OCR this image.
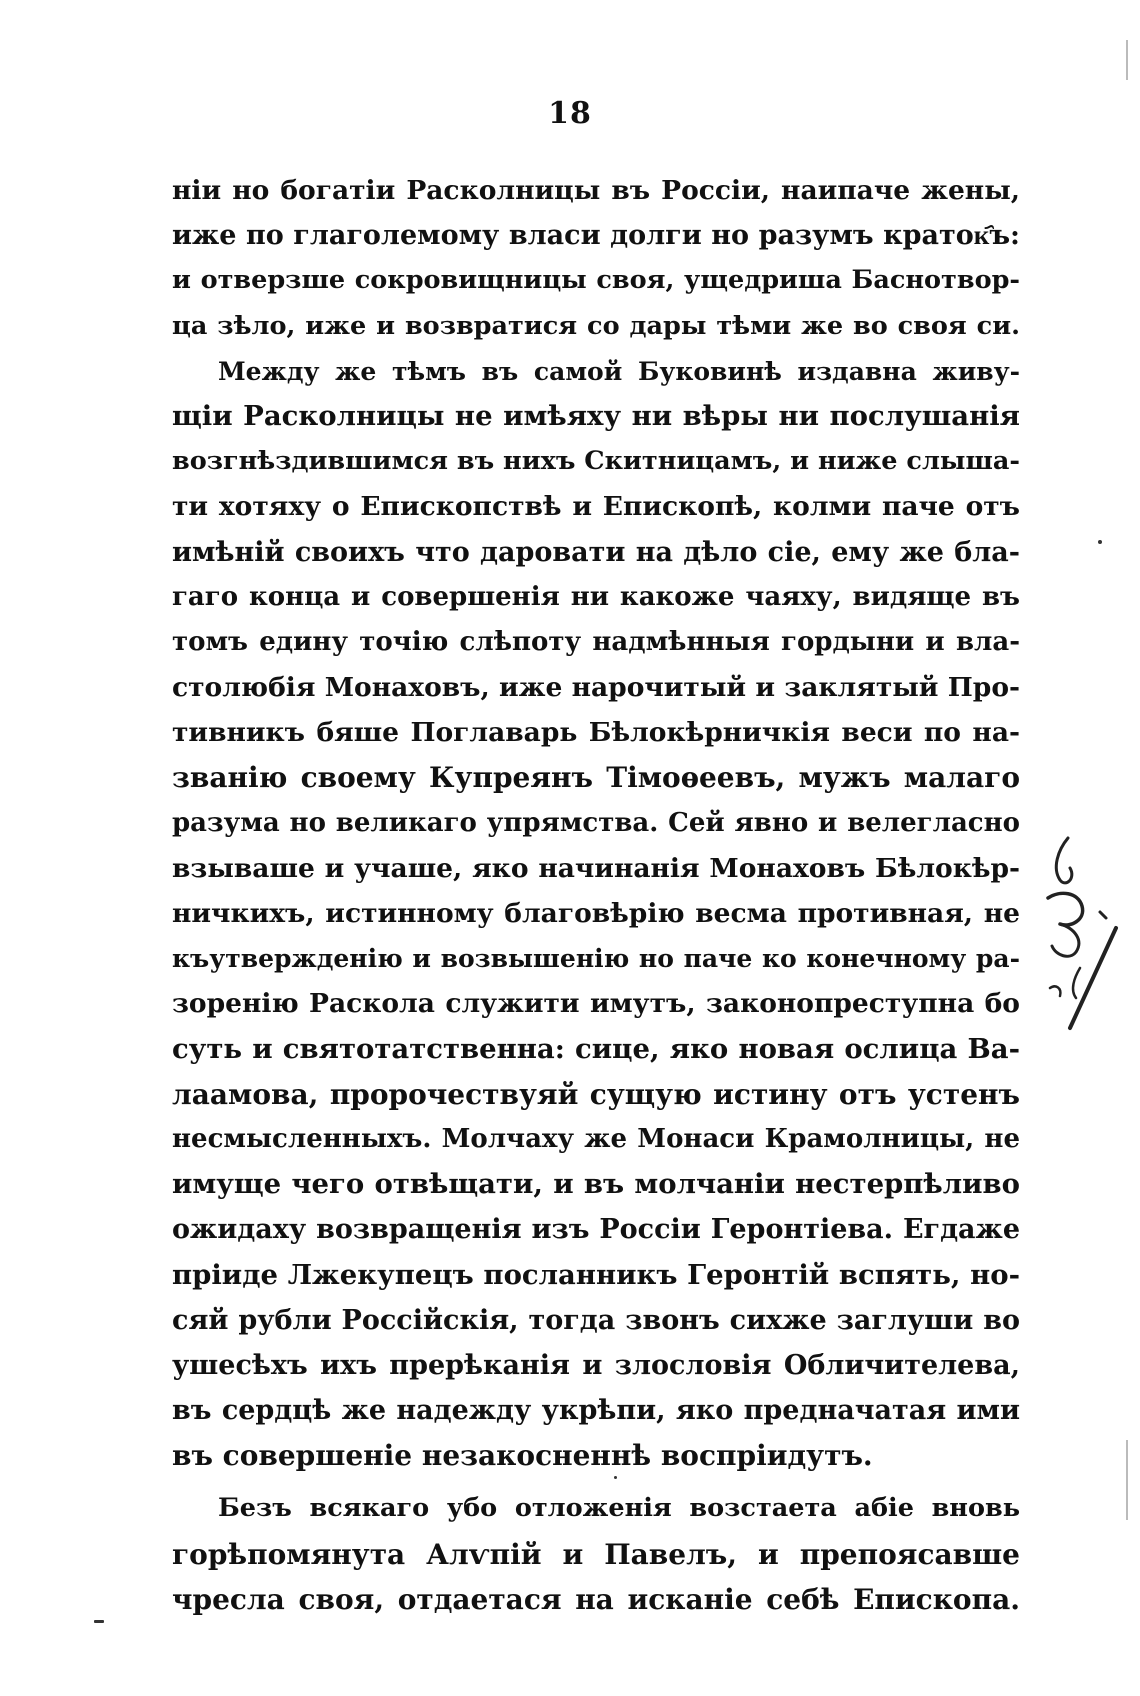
18
ніи но богатіи Расколницы въ Россіи, наипаче жены,
иже по глаголемому власи долги но разумъ краток҄ъ:
и отверзше сокровищницы своя, ущедриша Баснотвор-
ца зѣло, иже и возвратися со дары тѣми же во своя си.
Между же тѣмъ въ самой Буковинѣ издавна живу-
щіи Расколницы не имѣяху ни вѣры ни послушанія
возгнѣздившимся въ нихъ Скитницамъ, и ниже слыша-
ти хотяху о Епископствѣ и Епископѣ, колми паче отъ
имѣній своихъ что даровати на дѣло сіе, ему же бла-
гаго конца и совершенія ни какоже чаяху, видяще въ
томъ едину точію слѣпоту надмѣнныя гордыни и вла-
столюбія Монаховъ, иже нарочитый и заклятый Про-
тивникъ бяше Поглаварь Бѣлокѣрничкія веси по на-
званію своему Купреянъ Тімоѳеевъ, мужъ малаго
разума но великаго упрямства. Сей явно и велегласно
взываше и учаше, яко начинанія Монаховъ Бѣлокѣр-
ничкихъ, истинному благовѣрію весма противная, не
къутвержденію и возвышенію но паче ко конечному ра-
зоренію Раскола служити имутъ, законопреступна бо
суть и святотатственна: сице, яко новая ослица Ва-
лаамова, пророчествуяй сущую истину отъ устенъ
несмысленныхъ. Молчаху же Монаси Крамолницы, не
имуще чего отвѣщати, и въ молчаніи нестерпѣливо
ожидаху возвращенія изъ Россіи Геронтіева. Егдаже
пріиде Лжекупецъ посланникъ Геронтій вспять, но-
сяй рубли Россійскія, тогда звонъ сихже заглуши во
ушесѣхъ ихъ прерѣканія и злословія Обличителева,
въ сердцѣ же надежду укрѣпи, яко предначатая ими
въ совершеніе незакосненнѣ воспріидутъ.
Безъ всякаго убо отложенія возстаета абіе вновь
горѣпомянута Алѵпій и Павелъ, и препоясавше
чресла своя, отдаетася на исканіе себѣ Епископа.
